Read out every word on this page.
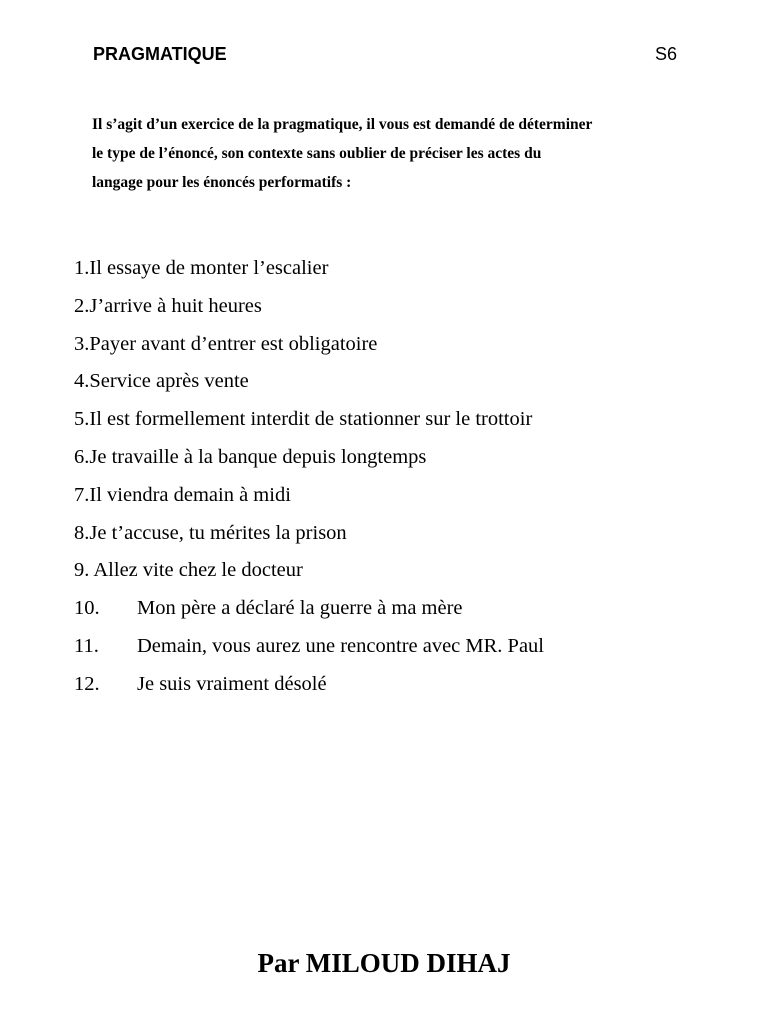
PRAGMATIQUE	S6
Il s’agit d’un exercice de la pragmatique, il vous est demandé de déterminer
le type de l’énoncé, son contexte sans oublier de préciser les actes du
langage pour les énoncés performatifs :
1.Il essaye de monter l’escalier
2.J’arrive à huit heures
3.Payer avant d’entrer est obligatoire
4.Service après vente
5.Il est formellement interdit de stationner sur le trottoir
6.Je travaille à la banque depuis longtemps
7.Il viendra demain à midi
8.Je t’accuse, tu mérites la prison
9. Allez vite chez le docteur
10. Mon père a déclaré la guerre à ma mère
11. Demain, vous aurez une rencontre avec MR. Paul
12. Je suis vraiment désolé
Par MILOUD DIHAJ
